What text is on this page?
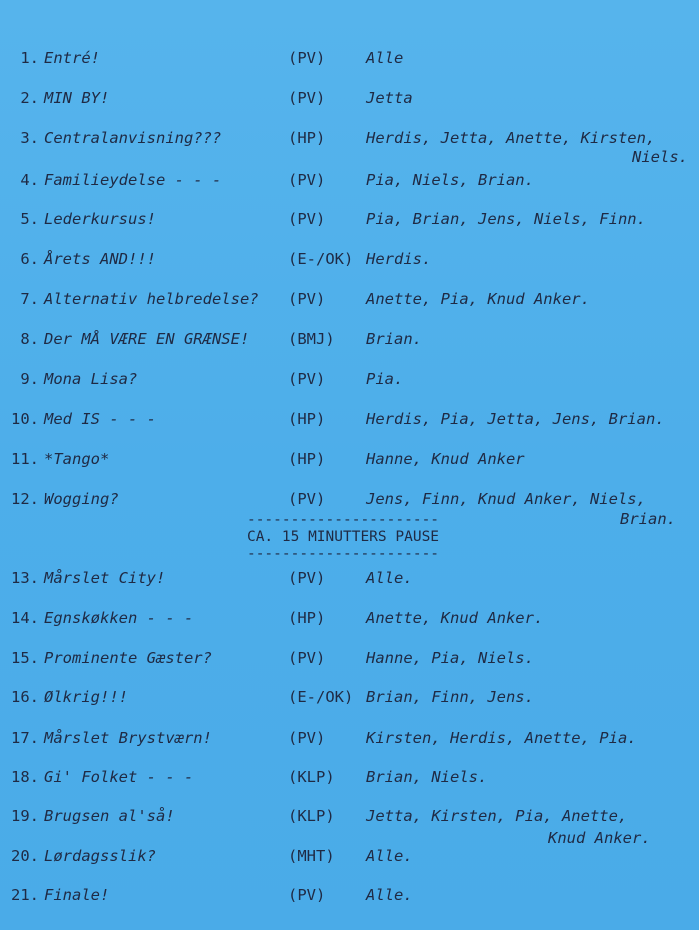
1. Entré!	(PV)	Alle
2. MIN BY!	(PV)	Jetta
3. Centralanvisning???	(HP)	Herdis, Jetta, Anette, Kirsten,
Niels.
4. Familieydelse - - -	(PV)	Pia, Niels, Brian.
5. Lederkursus!	(PV)	Pia, Brian, Jens, Niels, Finn.
6. Årets AND!!!	(E-/OK) Herdis.
7. Alternativ helbredelse? (PV)	Anette, Pia, Knud Anker.
8. Der MÅ VÆRE EN GRÆNSE! (BMJ) Brian.
9. Mona Lisa?	(PV)	Pia.
10. Med IS - - -	(HP)	Herdis, Pia, Jetta, Jens, Brian.
11. *Tango*	(HP)	Hanne, Knud Anker
12. Wogging?	(PV)	Jens, Finn, Knud Anker, Niels,
Brian.
----------------------
CA. 15 MINUTTERS PAUSE
----------------------
13. Mårslet City!	(PV)	Alle.
14. Egnskøkken - - -	(HP)	Anette, Knud Anker.
15. Prominente Gæster?	(PV)	Hanne, Pia, Niels.
16. Ølkrig!!!	(E-/OK) Brian, Finn, Jens.
17. Mårslet Brystværn!	(PV)	Kirsten, Herdis, Anette, Pia.
18. Gi' Folket - - -	(KLP) Brian, Niels.
19. Brugsen al'så!	(KLP) Jetta, Kirsten, Pia, Anette,
Knud Anker.
20. Lørdagsslik?	(MHT) Alle.
21. Finale!	(PV)	Alle.
